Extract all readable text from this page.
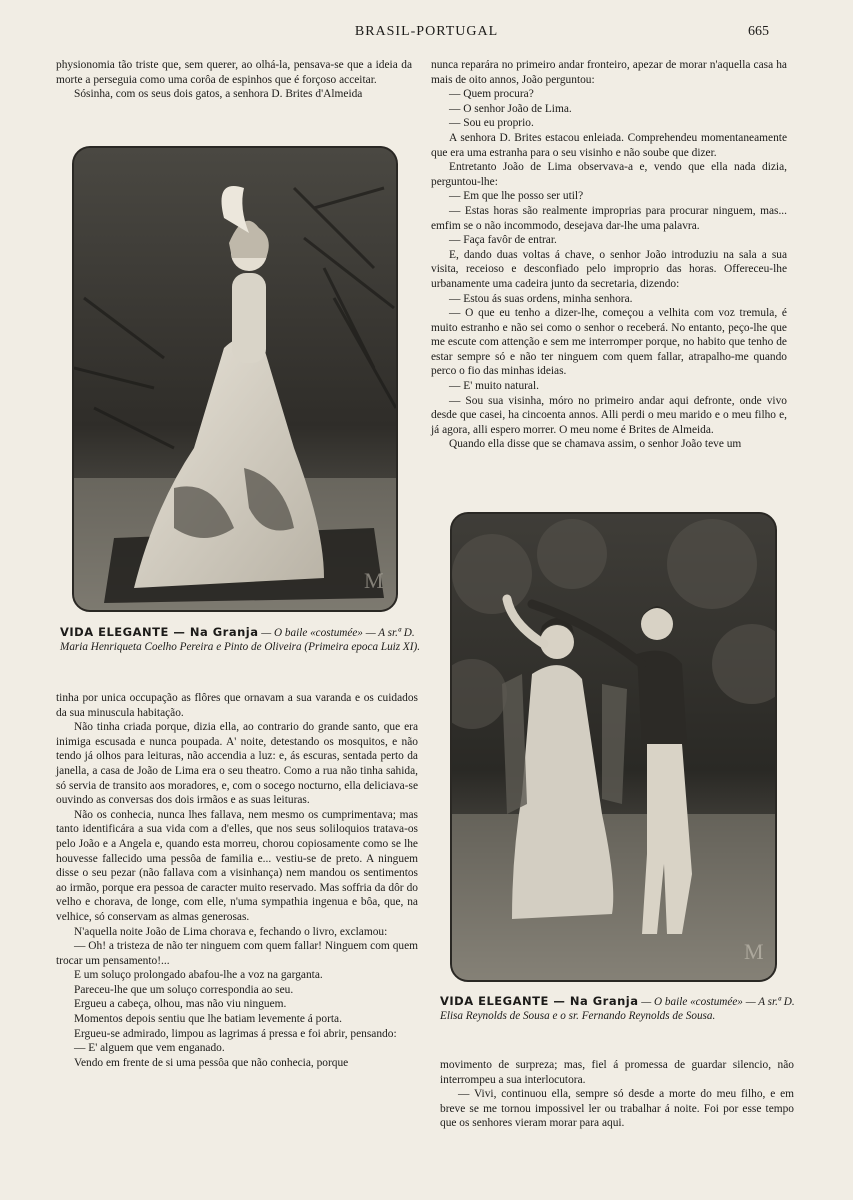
BRASIL-PORTUGAL	665

physionomia tão triste que, sem querer, ao olhá-la, pensava-se que a ideia da morte a perseguia como uma corôa de espinhos que é forçoso acceitar.

Sósinha, com os seus dois gatos, a senhora D. Brites d'Almeida

M
VIDA ELEGANTE — Na Granja — O baile «costumée» — A sr.ª D. Maria Henriqueta Coelho Pereira e Pinto de Oliveira (Primeira epoca Luiz XI).

tinha por unica occupação as flôres que ornavam a sua varanda e os cuidados da sua minuscula habitação.

Não tinha criada porque, dizia ella, ao contrario do grande santo, que era inimiga escusada e nunca poupada. A' noite, detestando os mosquitos, e não tendo já olhos para leituras, não accendia a luz: e, ás escuras, sentada perto da janella, a casa de João de Lima era o seu theatro. Como a rua não tinha sahida, só servia de transito aos moradores, e, com o socego nocturno, ella deliciava-se ouvindo as conversas dos dois irmãos e as suas leituras.

Não os conhecia, nunca lhes fallava, nem mesmo os cumprimentava; mas tanto identificára a sua vida com a d'elles, que nos seus soliloquios tratava-os pelo João e a Angela e, quando esta morreu, chorou copiosamente como se lhe houvesse fallecido uma pessôa de familia e... vestiu-se de preto. A ninguem disse o seu pezar (não fallava com a visinhança) nem mandou os sentimentos ao irmão, porque era pessoa de caracter muito reservado. Mas soffria da dôr do velho e chorava, de longe, com elle, n'uma sympathia ingenua e bôa, que, na velhice, só conservam as almas generosas.

N'aquella noite João de Lima chorava e, fechando o livro, exclamou:

— Oh! a tristeza de não ter ninguem com quem fallar! Ninguem com quem trocar um pensamento!...

E um soluço prolongado abafou-lhe a voz na garganta.

Pareceu-lhe que um soluço correspondia ao seu.

Ergueu a cabeça, olhou, mas não viu ninguem.

Momentos depois sentiu que lhe batiam levemente á porta.

Ergueu-se admirado, limpou as lagrimas á pressa e foi abrir, pensando:

— E' alguem que vem enganado.

Vendo em frente de si uma pessôa que não conhecia, porque

nunca reparára no primeiro andar fronteiro, apezar de morar n'aquella casa ha mais de oito annos, João perguntou:

— Quem procura?

— O senhor João de Lima.

— Sou eu proprio.

A senhora D. Brites estacou enleiada. Comprehendeu momentaneamente que era uma estranha para o seu visinho e não soube que dizer.

Entretanto João de Lima observava-a e, vendo que ella nada dizia, perguntou-lhe:

— Em que lhe posso ser util?

— Estas horas são realmente improprias para procurar ninguem, mas... emfim se o não incommodo, desejava dar-lhe uma palavra.

— Faça favôr de entrar.

E, dando duas voltas á chave, o senhor João introduziu na sala a sua visita, receioso e desconfiado pelo improprio das horas. Offereceu-lhe urbanamente uma cadeira junto da secretaria, dizendo:

— Estou ás suas ordens, minha senhora.

— O que eu tenho a dizer-lhe, começou a velhita com voz tremula, é muito estranho e não sei como o senhor o receberá. No entanto, peço-lhe que me escute com attenção e sem me interromper porque, no habito que tenho de estar sempre só e não ter ninguem com quem fallar, atrapalho-me quando perco o fio das minhas ideias.

— E' muito natural.

— Sou sua visinha, móro no primeiro andar aqui defronte, onde vivo desde que casei, ha cincoenta annos. Alli perdi o meu marido e o meu filho e, já agora, alli espero morrer. O meu nome é Brites de Almeida.

Quando ella disse que se chamava assim, o senhor João teve um

M
VIDA ELEGANTE — Na Granja — O baile «costumée» — A sr.ª D. Elisa Reynolds de Sousa e o sr. Fernando Reynolds de Sousa.

movimento de surpreza; mas, fiel á promessa de guardar silencio, não interrompeu a sua interlocutora.

— Vivi, continuou ella, sempre só desde a morte do meu filho, e em breve se me tornou impossivel ler ou trabalhar á noite. Foi por esse tempo que os senhores vieram morar para aqui.
